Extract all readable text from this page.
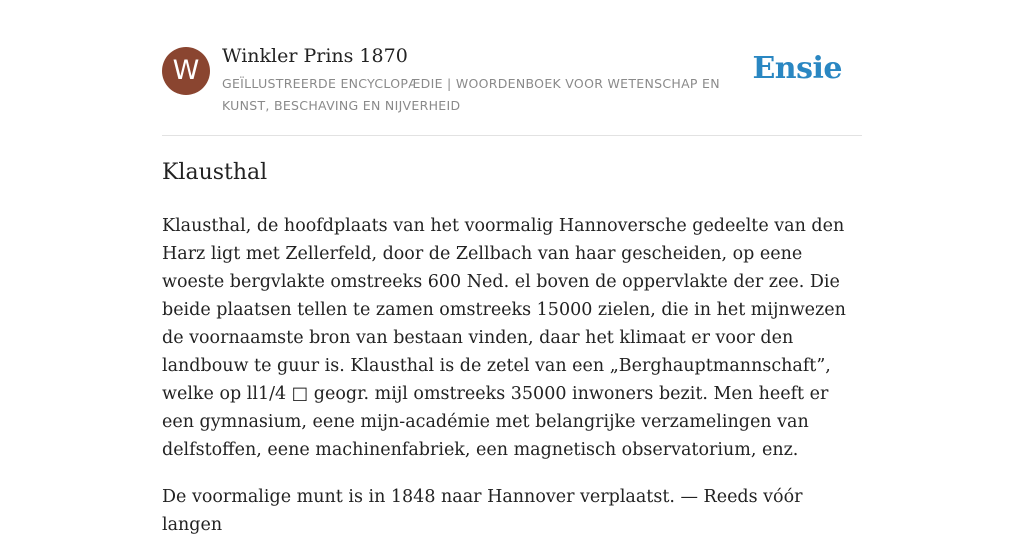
W	Winkler Prins 1870
GEÏLLUSTREERDE ENCYCLOPÆDIE | WOORDENBOEK VOOR WETENSCHAP EN KUNST, BESCHAVING EN NIJVERHEID
Ensie
Klausthal

Klausthal, de hoofdplaats van het voormalig Hannoversche gedeelte van den Harz ligt met Zellerfeld, door de Zellbach van haar gescheiden, op eene woeste bergvlakte omstreeks 600 Ned. el boven de oppervlakte der zee. Die beide plaatsen tellen te zamen omstreeks 15000 zielen, die in het mijnwezen de voornaamste bron van bestaan vinden, daar het klimaat er voor den landbouw te guur is. Klausthal is de zetel van een „Berghauptmannschaft”, welke op ll1/4 □ geogr. mijl omstreeks 35000 inwoners bezit. Men heeft er een gymnasium, eene mijn-académie met belangrijke verzamelingen van delfstoffen, eene machinenfabriek, een magnetisch observatorium, enz.

De voormalige munt is in 1848 naar Hannover verplaatst. — Reeds vóór langen
